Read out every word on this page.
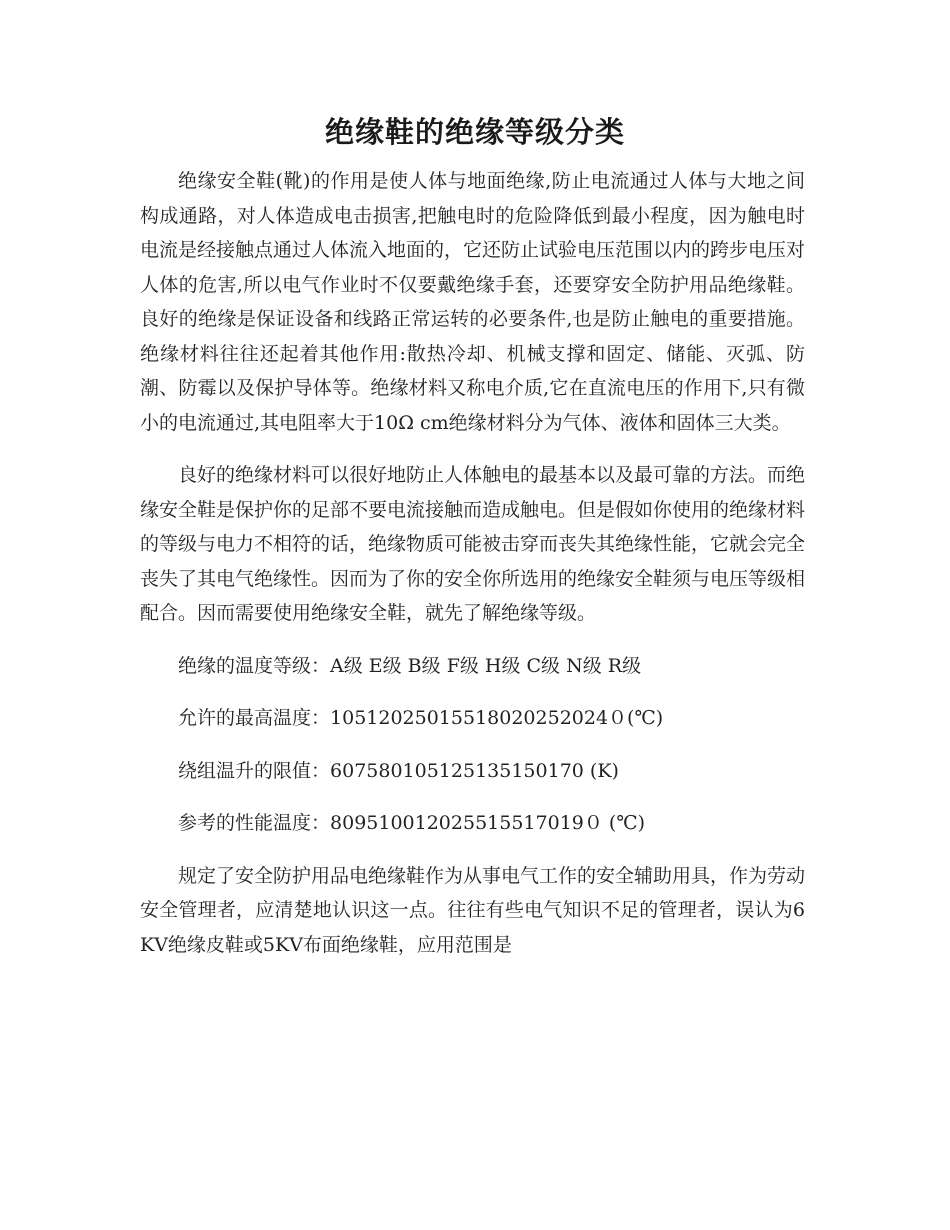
绝缘鞋的绝缘等级分类

绝缘安全鞋(靴)的作用是使人体与地面绝缘,防止电流通过人体与大地之间构成通路，对人体造成电击损害,把触电时的危险降低到最小程度，因为触电时电流是经接触点通过人体流入地面的，它还防止试验电压范围以内的跨步电压对人体的危害,所以电气作业时不仅要戴绝缘手套，还要穿安全防护用品绝缘鞋。良好的绝缘是保证设备和线路正常运转的必要条件,也是防止触电的重要措施。绝缘材料往往还起着其他作用:散热冷却、机械支撑和固定、储能、灭弧、防潮、防霉以及保护导体等。绝缘材料又称电介质,它在直流电压的作用下,只有微小的电流通过,其电阻率大于10Ω cm绝缘材料分为气体、液体和固体三大类。

良好的绝缘材料可以很好地防止人体触电的最基本以及最可靠的方法。而绝缘安全鞋是保护你的足部不要电流接触而造成触电。但是假如你使用的绝缘材料的等级与电力不相符的话，绝缘物质可能被击穿而丧失其绝缘性能，它就会完全丧失了其电气绝缘性。因而为了你的安全你所选用的绝缘安全鞋须与电压等级相配合。因而需要使用绝缘安全鞋，就先了解绝缘等级。

绝缘的温度等级：A级 E级 B级 F级 H级 C级 N级 R级
允许的最高温度：10512025015518020252024０(℃)
绕组温升的限值：607580105125135150170 (K)
参考的性能温度：809510012025515517019０ (℃)

规定了安全防护用品电绝缘鞋作为从事电气工作的安全辅助用具，作为劳动安全管理者，应清楚地认识这一点。往往有些电气知识不足的管理者，误认为6KV绝缘皮鞋或5KV布面绝缘鞋，应用范围是
